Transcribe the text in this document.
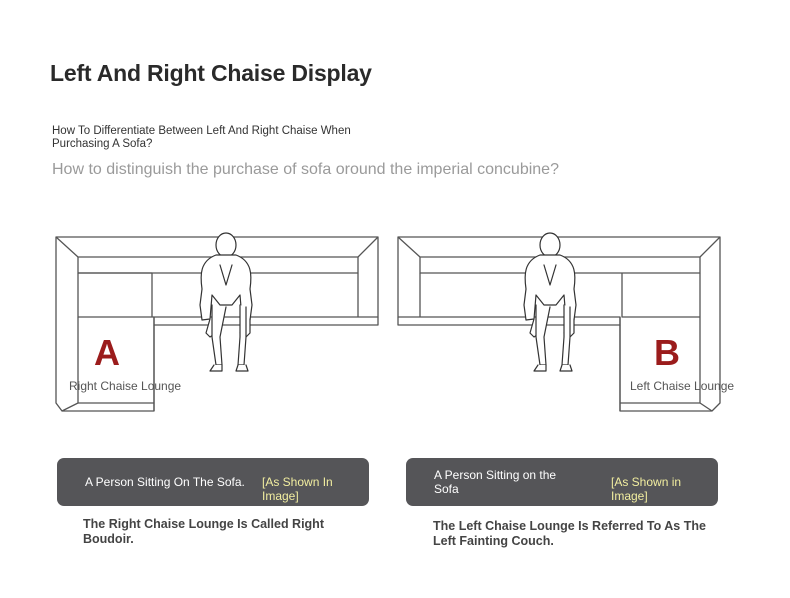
Left And Right Chaise Display
How To Differentiate Between Left And Right Chaise When Purchasing A Sofa?
How to distinguish the purchase of sofa oround the imperial concubine?
A
Right Chaise Lounge
B
Left Chaise Lounge
A Person Sitting On The Sofa. [As Shown In Image]
A Person Sitting on the Sofa	[As Shown in Image]
The Right Chaise Lounge Is Called Right Boudoir.
The Left Chaise Lounge Is Referred To As The Left Fainting Couch.
